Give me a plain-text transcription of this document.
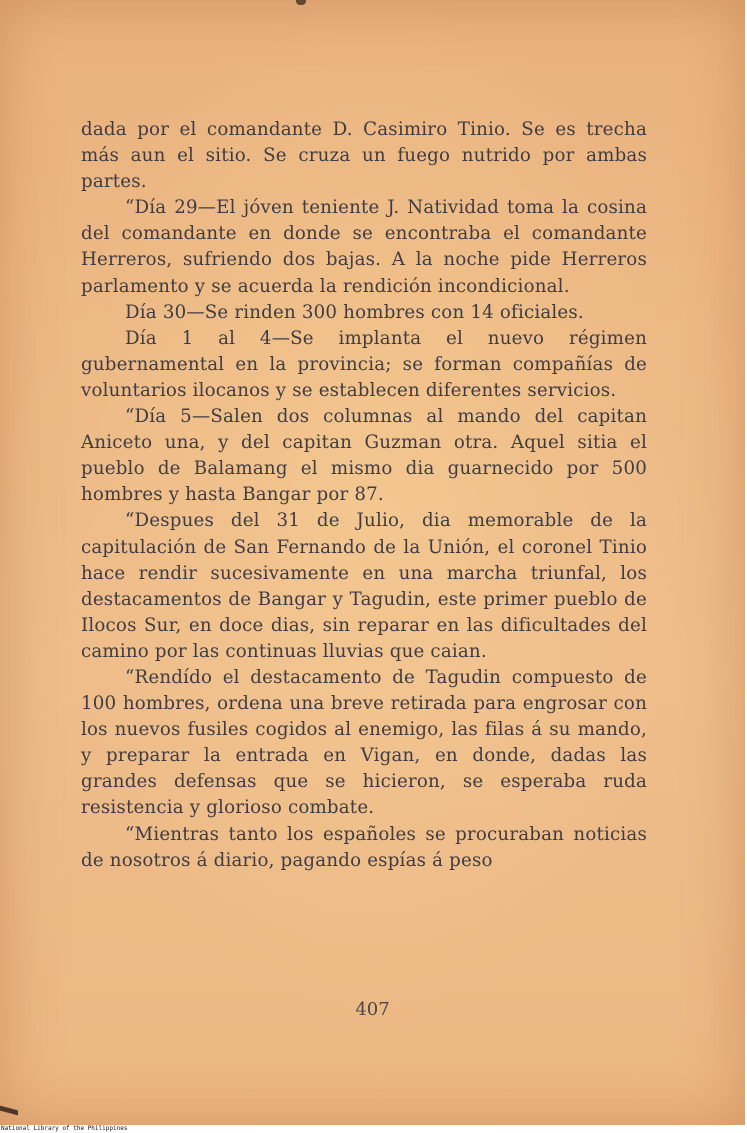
dada por el comandante D. Casimiro Tinio. Se es trecha más aun el sitio. Se cruza un fuego nutrido por ambas partes.

“Día 29—El jóven teniente J. Natividad toma la cosina del comandante en donde se encontraba el comandante Herreros, sufriendo dos bajas. A la noche pide Herreros parlamento y se acuerda la rendición incondicional.

Día 30—Se rinden 300 hombres con 14 oficiales.

Día 1 al 4—Se implanta el nuevo régimen gubernamental en la provincia; se forman compañías de voluntarios ilocanos y se establecen diferentes servicios.

“Día 5—Salen dos columnas al mando del capitan Aniceto una, y del capitan Guzman otra. Aquel sitia el pueblo de Balamang el mismo dia guarnecido por 500 hombres y hasta Bangar por 87.

“Despues del 31 de Julio, dia memorable de la capitulación de San Fernando de la Unión, el coronel Tinio hace rendir sucesivamente en una marcha triunfal, los destacamentos de Bangar y Tagudin, este primer pueblo de Ilocos Sur, en doce dias, sin reparar en las dificultades del camino por las continuas lluvias que caian.

“Rendído el destacamento de Tagudin compuesto de 100 hombres, ordena una breve retirada para engrosar con los nuevos fusiles cogidos al enemigo, las filas á su mando, y preparar la entrada en Vigan, en donde, dadas las grandes defensas que se hicieron, se esperaba ruda resistencia y glorioso combate.

“Mientras tanto los españoles se procuraban noticias de nosotros á diario, pagando espías á peso

407
National Library of the Philippines
